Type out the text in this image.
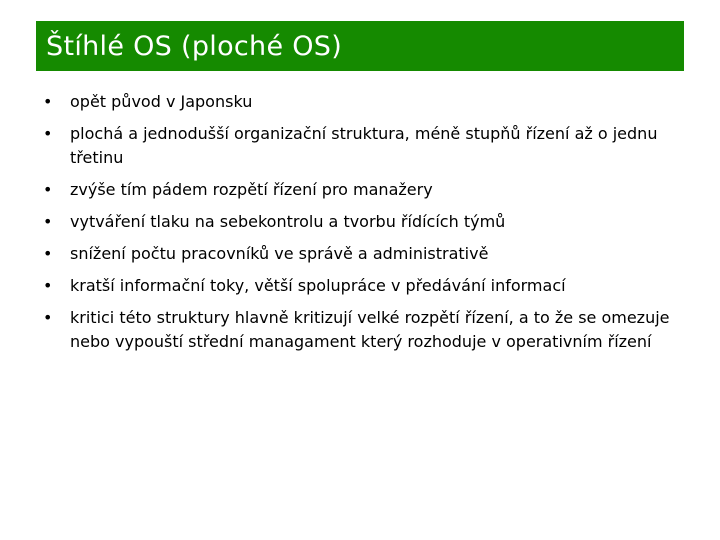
Štíhlé OS (ploché OS)
• opět původ v Japonsku
• plochá a jednodušší organizační struktura, méně stupňů řízení až o jednu třetinu
• zvýše tím pádem rozpětí řízení pro manažery
• vytváření tlaku na sebekontrolu a tvorbu řídících týmů
• snížení počtu pracovníků ve správě a administrativě
• kratší informační toky, větší spolupráce v předávání informací
• kritici této struktury hlavně kritizují velké rozpětí řízení, a to že se omezuje nebo vypouští střední managament který rozhoduje v operativním řízení
